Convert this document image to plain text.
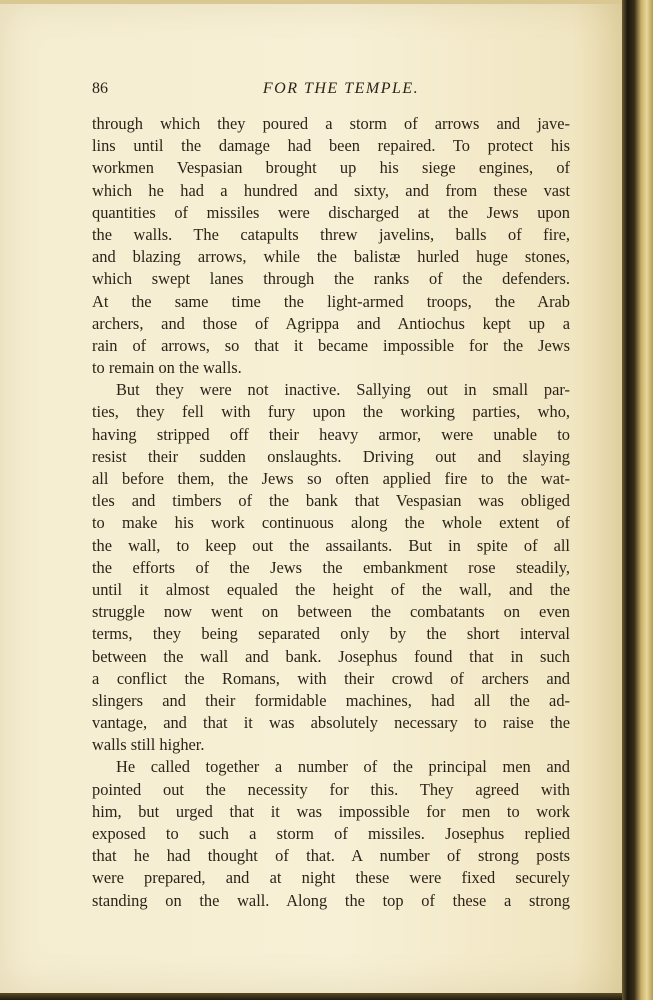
86	FOR THE TEMPLE.
through which they poured a storm of arrows and jave-
lins until the damage had been repaired. To protect his
workmen Vespasian brought up his siege engines, of
which he had a hundred and sixty, and from these vast
quantities of missiles were discharged at the Jews upon
the walls. The catapults threw javelins, balls of fire,
and blazing arrows, while the balistæ hurled huge stones,
which swept lanes through the ranks of the defenders.
At the same time the light-armed troops, the Arab
archers, and those of Agrippa and Antiochus kept up a
rain of arrows, so that it became impossible for the Jews
to remain on the walls.
But they were not inactive. Sallying out in small par-
ties, they fell with fury upon the working parties, who,
having stripped off their heavy armor, were unable to
resist their sudden onslaughts. Driving out and slaying
all before them, the Jews so often applied fire to the wat-
tles and timbers of the bank that Vespasian was obliged
to make his work continuous along the whole extent of
the wall, to keep out the assailants. But in spite of all
the efforts of the Jews the embankment rose steadily,
until it almost equaled the height of the wall, and the
struggle now went on between the combatants on even
terms, they being separated only by the short interval
between the wall and bank. Josephus found that in such
a conflict the Romans, with their crowd of archers and
slingers and their formidable machines, had all the ad-
vantage, and that it was absolutely necessary to raise the
walls still higher.
He called together a number of the principal men and
pointed out the necessity for this. They agreed with
him, but urged that it was impossible for men to work
exposed to such a storm of missiles. Josephus replied
that he had thought of that. A number of strong posts
were prepared, and at night these were fixed securely
standing on the wall. Along the top of these a strong
